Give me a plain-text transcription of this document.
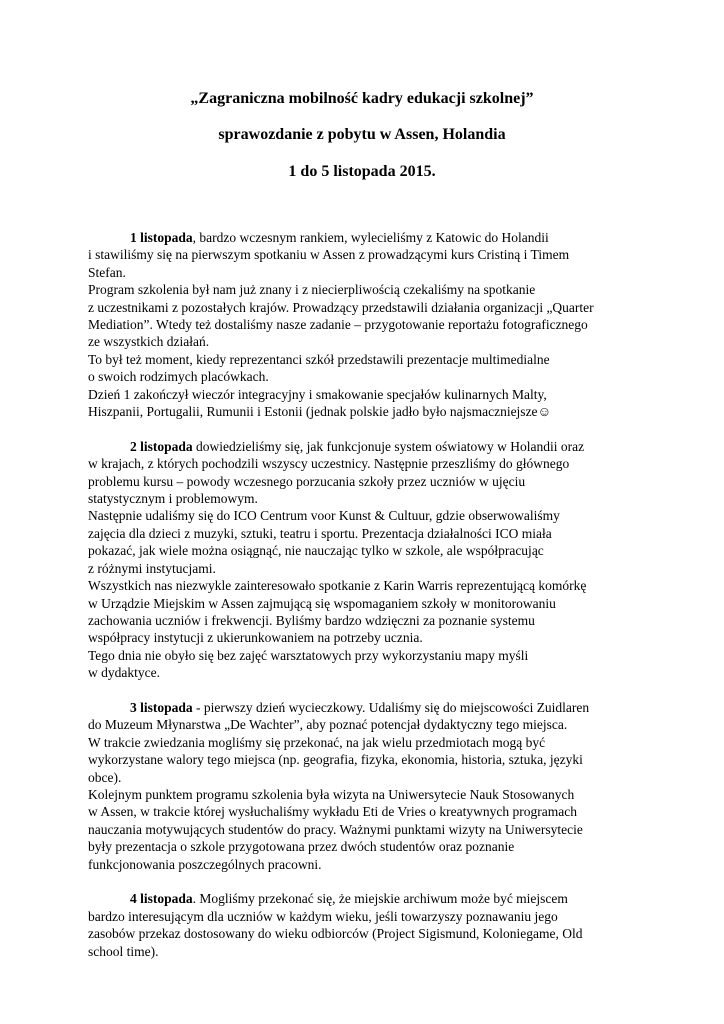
„Zagraniczna mobilność kadry edukacji szkolnej”
sprawozdanie z pobytu w Assen, Holandia
1 do 5 listopada 2015.
1 listopada, bardzo wczesnym rankiem, wylecieliśmy z Katowic do Holandii
i stawiliśmy się na pierwszym spotkaniu w Assen z prowadzącymi kurs Cristiną i Timem
Stefan.
Program szkolenia był nam już znany i z niecierpliwością czekaliśmy na spotkanie
z uczestnikami z pozostałych krajów. Prowadzący przedstawili działania organizacji „Quarter
Mediation”. Wtedy też dostaliśmy nasze zadanie – przygotowanie reportażu fotograficznego
ze wszystkich działań.
To był też moment, kiedy reprezentanci szkół przedstawili prezentacje multimedialne
o swoich rodzimych placówkach.
Dzień 1 zakończył wieczór integracyjny i smakowanie specjałów kulinarnych Malty,
Hiszpanii, Portugalii, Rumunii i Estonii (jednak polskie jadło było najsmaczniejsze☺
2 listopada dowiedzieliśmy się, jak funkcjonuje system oświatowy w Holandii oraz
w krajach, z których pochodzili wszyscy uczestnicy. Następnie przeszliśmy do głównego
problemu kursu – powody wczesnego porzucania szkoły przez uczniów w ujęciu
statystycznym i problemowym.
Następnie udaliśmy się do ICO Centrum voor Kunst & Cultuur, gdzie obserwowaliśmy
zajęcia dla dzieci z muzyki, sztuki, teatru i sportu. Prezentacja działalności ICO miała
pokazać, jak wiele można osiągnąć, nie nauczając tylko w szkole, ale współpracując
z różnymi instytucjami.
Wszystkich nas niezwykle zainteresowało spotkanie z Karin Warris reprezentującą komórkę
w Urządzie Miejskim w Assen zajmującą się wspomaganiem szkoły w monitorowaniu
zachowania uczniów i frekwencji. Byliśmy bardzo wdzięczni za poznanie systemu
współpracy instytucji z ukierunkowaniem na potrzeby ucznia.
Tego dnia nie obyło się bez zajęć warsztatowych przy wykorzystaniu mapy myśli
w dydaktyce.
3 listopada - pierwszy dzień wycieczkowy. Udaliśmy się do miejscowości Zuidlaren
do Muzeum Młynarstwa „De Wachter”, aby poznać potencjał dydaktyczny tego miejsca.
W trakcie zwiedzania mogliśmy się przekonać, na jak wielu przedmiotach mogą być
wykorzystane walory tego miejsca (np. geografia, fizyka, ekonomia, historia, sztuka, języki
obce).
Kolejnym punktem programu szkolenia była wizyta na Uniwersytecie Nauk Stosowanych
w Assen, w trakcie której wysłuchaliśmy wykładu Eti de Vries o kreatywnych programach
nauczania motywujących studentów do pracy. Ważnymi punktami wizyty na Uniwersytecie
były prezentacja o szkole przygotowana przez dwóch studentów oraz poznanie
funkcjonowania poszczególnych pracowni.
4 listopada. Mogliśmy przekonać się, że miejskie archiwum może być miejscem
bardzo interesującym dla uczniów w każdym wieku, jeśli towarzyszy poznawaniu jego
zasobów przekaz dostosowany do wieku odbiorców (Project Sigismund, Koloniegame, Old
school time).
